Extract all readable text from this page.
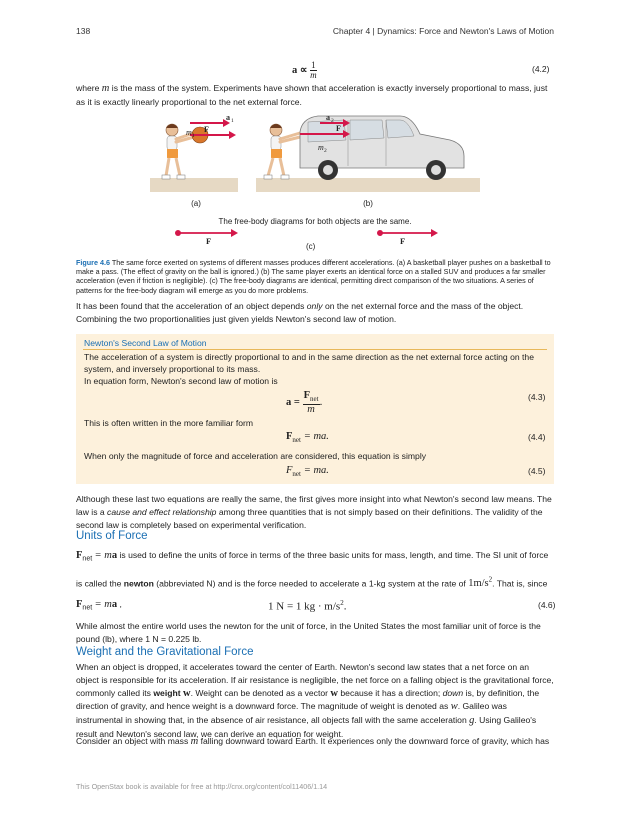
138	Chapter 4 | Dynamics: Force and Newton's Laws of Motion
$a \propto \frac{1}{m}$	(4.2)
where m is the mass of the system. Experiments have shown that acceleration is exactly inversely proportional to mass, just as it is exactly linearly proportional to the net external force.
m 1
a 1
F
a 2
F
m 2
(a)	(b)
The free-body diagrams for both objects are the same.
F	F
(c)
Figure 4.6 The same force exerted on systems of different masses produces different accelerations. (a) A basketball player pushes on a basketball to make a pass. (The effect of gravity on the ball is ignored.) (b) The same player exerts an identical force on a stalled SUV and produces a far smaller acceleration (even if friction is negligible). (c) The free-body diagrams are identical, permitting direct comparison of the two situations. A series of patterns for the free-body diagram will emerge as you do more problems.
It has been found that the acceleration of an object depends only on the net external force and the mass of the object. Combining the two proportionalities just given yields Newton's second law of motion.
Newton's Second Law of Motion
The acceleration of a system is directly proportional to and in the same direction as the net external force acting on the system, and inversely proportional to its mass.
In equation form, Newton's second law of motion is
$a = \frac{F_{net}}{m}$ .	(4.3)
This is often written in the more familiar form
$F_{net}$ = ma.	(4.4)
When only the magnitude of force and acceleration are considered, this equation is simply
$F_{net}$ = ma.	(4.5)
Although these last two equations are really the same, the first gives more insight into what Newton's second law means. The law is a cause and effect relationship among three quantities that is not simply based on their definitions. The validity of the second law is completely based on experimental verification.
Units of Force
$F_{net}$ = ma is used to define the units of force in terms of the three basic units for mass, length, and time. The SI unit of force is called the newton (abbreviated N) and is the force needed to accelerate a 1-kg system at the rate of $1m/s^2$. That is, since
$F_{net}$ = ma ,	1 N = 1 kg · $m/s^2$.	(4.6)
While almost the entire world uses the newton for the unit of force, in the United States the most familiar unit of force is the pound (lb), where 1 N = 0.225 lb.
Weight and the Gravitational Force
When an object is dropped, it accelerates toward the center of Earth. Newton's second law states that a net force on an object is responsible for its acceleration. If air resistance is negligible, the net force on a falling object is the gravitational force, commonly called its weight w. Weight can be denoted as a vector w because it has a direction; down is, by definition, the direction of gravity, and hence weight is a downward force. The magnitude of weight is denoted as w. Galileo was instrumental in showing that, in the absence of air resistance, all objects fall with the same acceleration g. Using Galileo's result and Newton's second law, we can derive an equation for weight.
Consider an object with mass m falling downward toward Earth. It experiences only the downward force of gravity, which has
This OpenStax book is available for free at http://cnx.org/content/col11406/1.14
